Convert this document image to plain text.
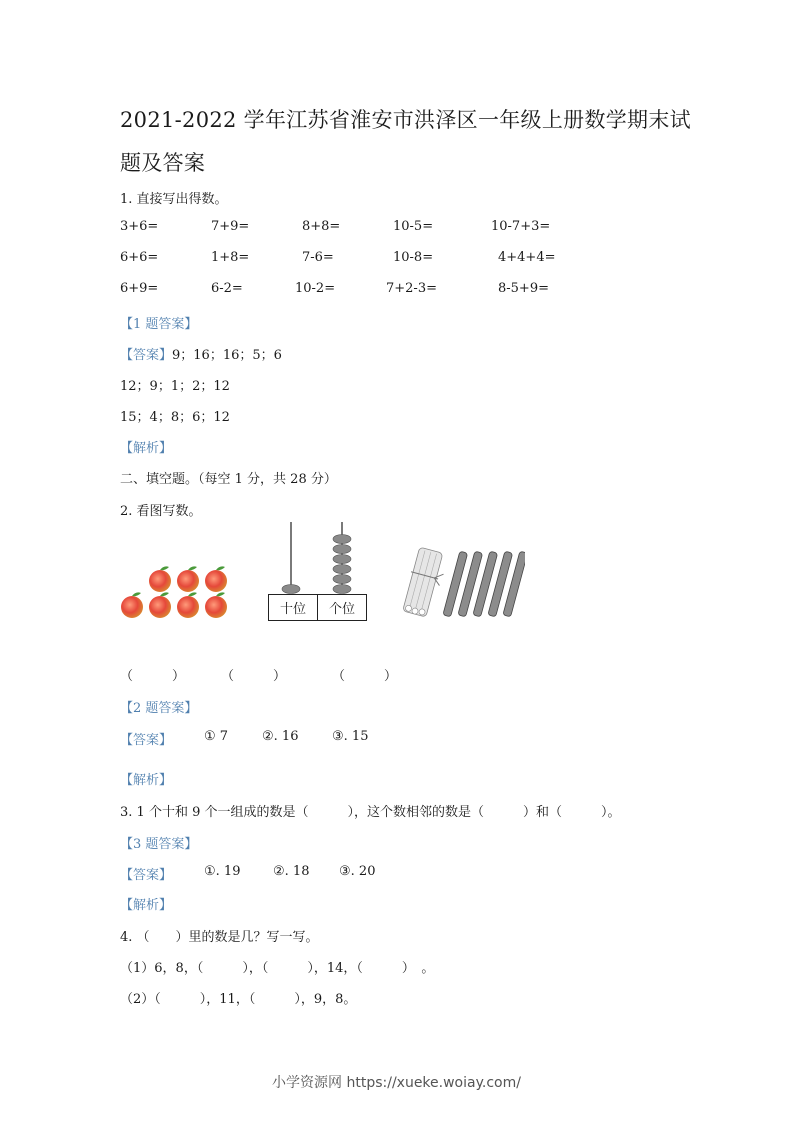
2021-2022 学年江苏省淮安市洪泽区一年级上册数学期末试
题及答案
1. 直接写出得数。
3+6=	7+9=	8+8=	10-5=	10-7+3=
6+6=	1+8=	7-6=	10-8=	4+4+4=
6+9=	6-2=	10-2=	7+2-3=	8-5+9=
【1 题答案】
【答案】9；16；16；5；6
12；9；1；2；12
15；4；8；6；12
【解析】
二、填空题。（每空 1 分，共 28 分）
2. 看图写数。
十位	个位
（　　　）	（　　　）	（　　　）
【2 题答案】
【答案】 ① 7	②. 16	③. 15
【解析】
3. 1 个十和 9 个一组成的数是（　　　），这个数相邻的数是（　　　）和（　　　）。
【3 题答案】
【答案】 ①. 19	②. 18 ③. 20
【解析】
4. （　　）里的数是几？写一写。
（1）6，8，（　　　），（　　　），14，（　　　）　。
（2）（　　　），11，（　　　），9，8。
小学资源网 https://xueke.woiay.com/
